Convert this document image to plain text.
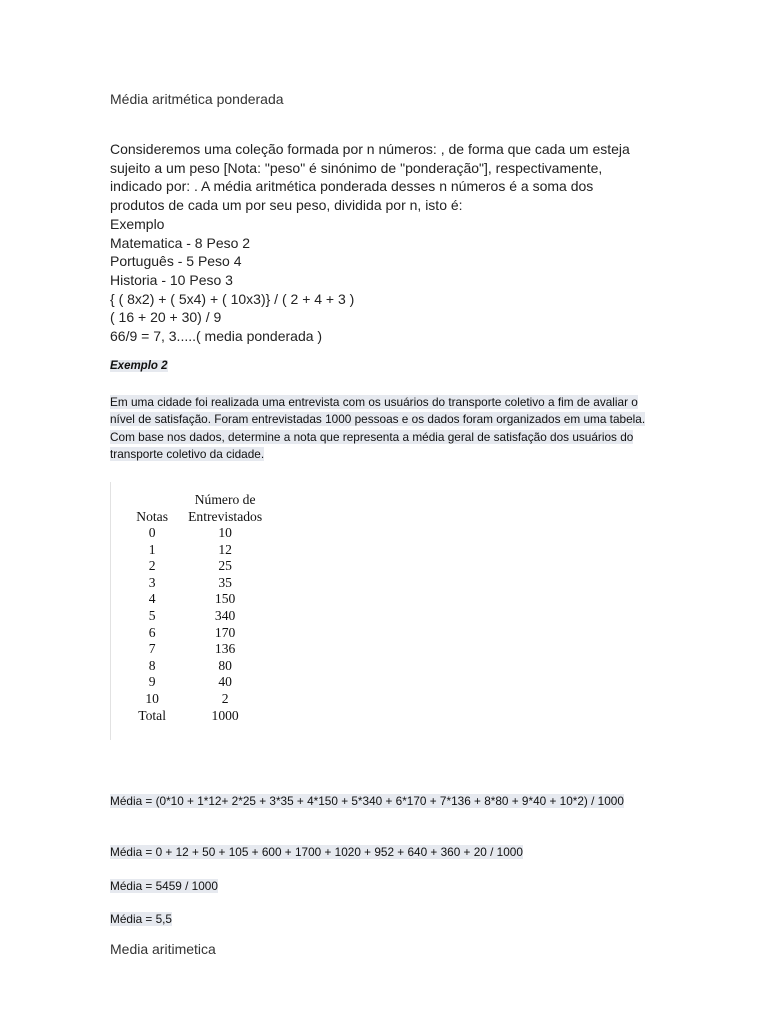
Média aritmética ponderada

Consideremos uma coleção formada por n números: , de forma que cada um esteja sujeito a um peso [Nota: "peso" é sinónimo de "ponderação"], respectivamente, indicado por: . A média aritmética ponderada desses n números é a soma dos produtos de cada um por seu peso, dividida por n, isto é:

Exemplo
Matematica - 8 Peso 2
Português - 5 Peso 4
Historia - 10 Peso 3
{ ( 8x2) + ( 5x4) + ( 10x3)} / ( 2 + 4 + 3 )
( 16 + 20 + 30) / 9
66/9 = 7, 3.....( media ponderada )
Exemplo 2
Em uma cidade foi realizada uma entrevista com os usuários do transporte coletivo a fim de avaliar o nível de satisfação. Foram entrevistadas 1000 pessoas e os dados foram organizados em uma tabela. Com base nos dados, determine a nota que representa a média geral de satisfação dos usuários do transporte coletivo da cidade.
Notas	Número de Entrevistados
0	10
1	12
2	25
3	35
4	150
5	340
6	170
7	136
8	80
9	40
10	2
Total	1000
Média = (0*10 + 1*12+ 2*25 + 3*35 + 4*150 + 5*340 + 6*170 + 7*136 + 8*80 + 9*40 + 10*2) / 1000
Média = 0 + 12 + 50 + 105 + 600 + 1700 + 1020 + 952 + 640 + 360 + 20 / 1000
Média = 5459 / 1000
Média = 5,5
Media aritimetica
